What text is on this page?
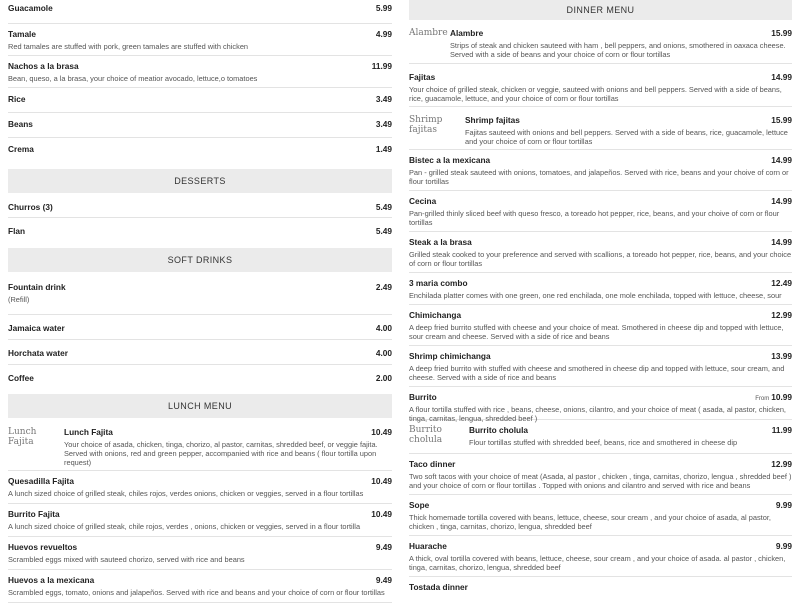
Guacamole	5.99
Tamale	4.99
Red tamales are stuffed with pork, green tamales are stuffed with chicken
Nachos a la brasa	11.99
Bean, queso, a la brasa, your choice of meatior avocado, lettuce,o tomatoes
Rice	3.49
Beans	3.49
Crema	1.49
DESSERTS
Churros (3)	5.49
Flan	5.49
SOFT DRINKS
Fountain drink	2.49
(Refill)
Jamaica water	4.00
Horchata water	4.00
Coffee	2.00
LUNCH MENU
Lunch Fajita
Lunch Fajita	10.49
Your choice of asada, chicken, tinga, chorizo, al pastor, carnitas, shredded beef, or veggie fajita. Served with onions, red and green pepper, accompanied with rice and beans ( flour tortilla upon request)
Quesadilla Fajita	10.49
A lunch sized choice of grilled steak, chiles rojos, verdes onions, chicken or veggies, served in a flour tortillas
Burrito Fajita	10.49
A lunch sized choice of grilled steak, chile rojos, verdes , onions, chicken or veggies, served in a flour tortilla
Huevos revueltos	9.49
Scrambled eggs mixed with sauteed chorizo, served with rice and beans
Huevos a la mexicana	9.49
Scrambled eggs, tomato, onions and jalapeños. Served with rice and beans and your choice of corn or flour tortillas
DINNER MENU
Alambre Alambre	15.99
Strips of steak and chicken sauteed with ham , bell peppers, and onions, smothered in oaxaca cheese. Served with a side of beans and your choice of corn or flour tortillas
Fajitas	14.99
Your choice of grilled steak, chicken or veggie, sauteed with onions and bell peppers. Served with a side of beans, rice, guacamole, lettuce, and your choice of corn or flour tortillas
Shrimp fajitas
Shrimp fajitas	15.99
Fajitas sauteed with onions and bell peppers. Served with a side of beans, rice, guacamole, lettuce and your choice of corn or flour tortillas
Bistec a la mexicana	14.99
Pan - grilled steak sauteed with onions, tomatoes, and jalapeños. Served with rice, beans and your choive of corn or flour tortillas
Cecina	14.99
Pan-grilled thinly sliced beef with queso fresco, a toreado hot pepper, rice, beans, and your choive of corn or flour tortillas
Steak a la brasa	14.99
Grilled steak cooked to your preference and served with scallions, a toreado hot pepper, rice, beans, and your choice of corn or flour tortillas
3 maria combo	12.49
Enchilada platter comes with one green, one red enchilada, one mole enchilada, topped with lettuce, cheese, sour
Chimichanga	12.99
A deep fried burrito stuffed with cheese and your choice of meat. Smothered in cheese dip and topped with lettuce, sour cream and cheese. Served with a side of rice and beans
Shrimp chimichanga	13.99
A deep fried burrito with stuffed with cheese and smothered in cheese dip and topped with lettuce, sour cream, and cheese. Served with a side of rice and beans
Burrito	From 10.99
A flour tortilla stuffed with rice , beans, cheese, onions, cilantro, and your choice of meat ( asada, al pastor, chicken, tinga, carnitas, lengua, shredded beef )
Burrito cholula
Burrito cholula	11.99
Flour tortillas stuffed with shredded beef, beans, rice and smothered in cheese dip
Taco dinner	12.99
Two soft tacos with your choice of meat (Asada, al pastor , chicken , tinga, carnitas, chorizo, lengua , shredded beef ) and your choice of corn or flour tortillas . Topped with onions and cilantro and served with rice and beans
Sope	9.99
Thick homemade tortilla covered with beans, lettuce, cheese, sour cream , and your choice of asada, al pastor, chicken , tinga, carnitas, chorizo, lengua, shredded beef
Huarache	9.99
A thick, oval tortilla covered with beans, lettuce, cheese, sour cream , and your choice of asada. al pastor , chicken, tinga, carnitas, chorizo, lengua, shredded beef
Tostada dinner
